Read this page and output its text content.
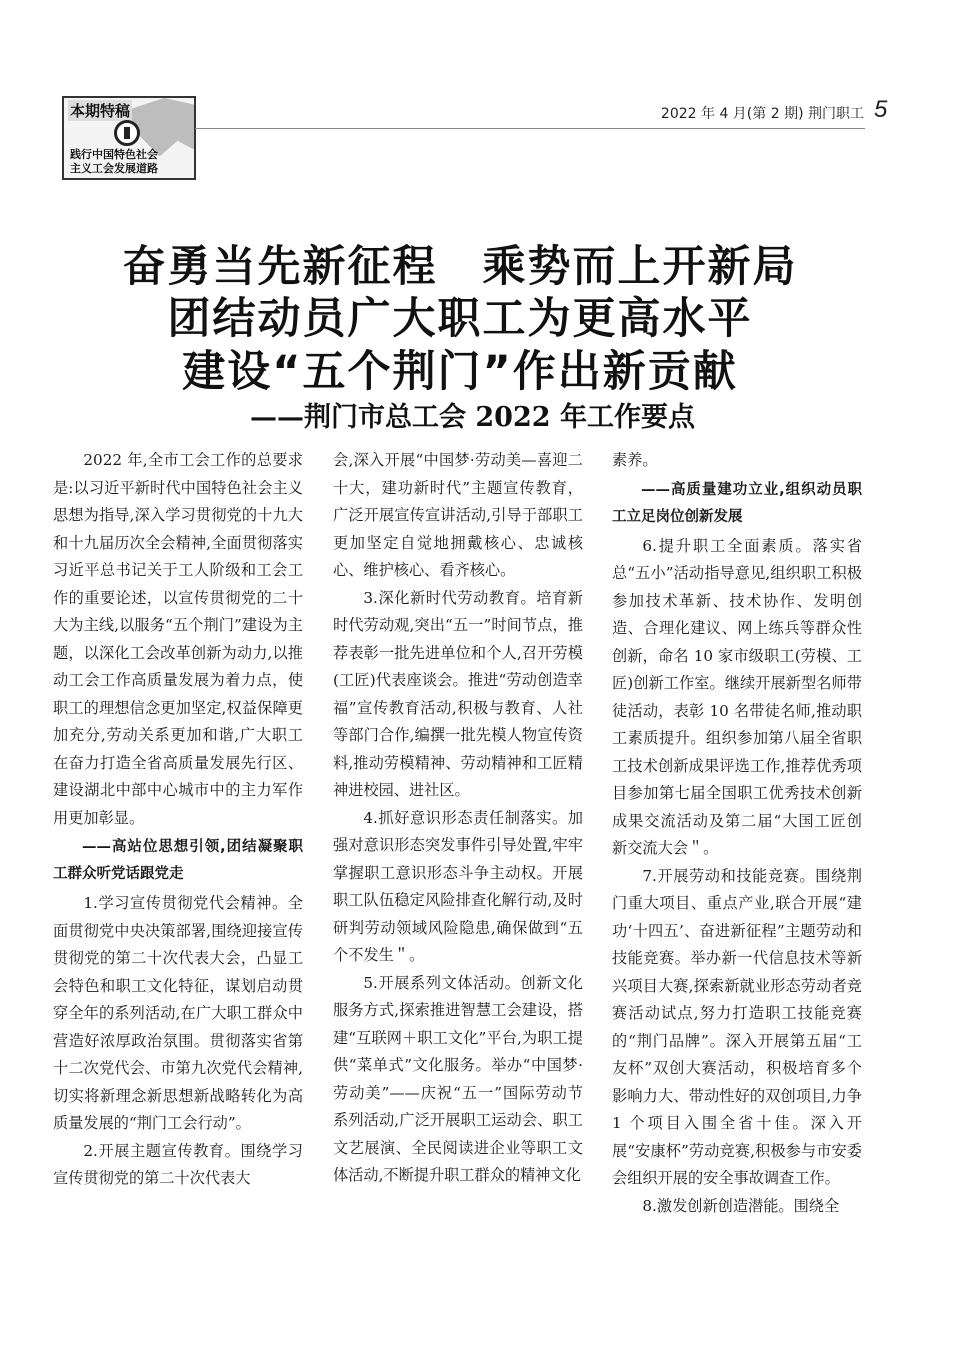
本期特稿
践行中国特色社会
主义工会发展道路
2022 年 4 月(第 2 期) 荆门职工 5
奋勇当先新征程　乘势而上开新局
团结动员广大职工为更高水平
建设“五个荆门”作出新贡献
——荆门市总工会 2022 年工作要点

2022 年,全市工会工作的总要求是:以习近平新时代中国特色社会主义思想为指导,深入学习贯彻党的十九大和十九届历次全会精神,全面贯彻落实习近平总书记关于工人阶级和工会工作的重要论述，以宣传贯彻党的二十大为主线,以服务“五个荆门”建设为主题，以深化工会改革创新为动力,以推动工会工作高质量发展为着力点，使职工的理想信念更加坚定,权益保障更加充分,劳动关系更加和谐,广大职工在奋力打造全省高质量发展先行区、建设湖北中部中心城市中的主力军作用更加彰显。

——高站位思想引领,团结凝聚职工群众听党话跟党走

1.学习宣传贯彻党代会精神。全面贯彻党中央决策部署,围绕迎接宣传贯彻党的第二十次代表大会，凸显工会特色和职工文化特征，谋划启动贯穿全年的系列活动,在广大职工群众中营造好浓厚政治氛围。贯彻落实省第十二次党代会、市第九次党代会精神,切实将新理念新思想新战略转化为高质量发展的“荆门工会行动”。

2.开展主题宣传教育。围绕学习宣传贯彻党的第二十次代表大

会,深入开展“中国梦·劳动美—喜迎二十大，建功新时代”主题宣传教育，广泛开展宣传宣讲活动,引导于部职工更加坚定自觉地拥戴核心、忠诚核心、维护核心、看齐核心。

3.深化新时代劳动教育。培育新时代劳动观,突出“五一”时间节点，推荐表彰一批先进单位和个人,召开劳模(工匠)代表座谈会。推进“劳动创造幸福”宣传教育活动,积极与教育、人社等部门合作,编撰一批先模人物宣传资料,推动劳模精神、劳动精神和工匠精神进校园、进社区。

4.抓好意识形态责任制落实。加强对意识形态突发事件引导处置,牢牢掌握职工意识形态斗争主动权。开展职工队伍稳定风险排查化解行动,及时研判劳动领域风险隐患,确保做到“五个不发生＂。

5.开展系列文体活动。创新文化服务方式,探索推进智慧工会建设，搭建“互联网＋职工文化”平台,为职工提供“菜单式”文化服务。举办“中国梦·劳动美”——庆祝“五一”国际劳动节系列活动,广泛开展职工运动会、职工文艺展演、全民阅读进企业等职工文体活动,不断提升职工群众的精神文化

素养。

——高质量建功立业,组织动员职工立足岗位创新发展

6.提升职工全面素质。落实省总“五小”活动指导意见,组织职工积极参加技术革新、技术协作、发明创造、合理化建议、网上练兵等群众性创新，命名 10 家市级职工(劳模、工匠)创新工作室。继续开展新型名师带徒活动，表彰 10 名带徒名师,推动职工素质提升。组织参加第八届全省职工技术创新成果评选工作,推荐优秀项目参加第七届全国职工优秀技术创新成果交流活动及第二届“大国工匠创新交流大会＂。

7.开展劳动和技能竞赛。围绕荆门重大项目、重点产业,联合开展“建功‘十四五’、奋进新征程”主题劳动和技能竞赛。举办新一代信息技术等新兴项目大赛,探索新就业形态劳动者竞赛活动试点,努力打造职工技能竞赛的“荆门品牌”。深入开展第五届“工友杯”双创大赛活动，积极培育多个影响力大、带动性好的双创项目,力争 1 个项目入围全省十佳。深入开展“安康杯”劳动竞赛,积极参与市安委会组织开展的安全事故调查工作。

8.激发创新创造潜能。围绕全
